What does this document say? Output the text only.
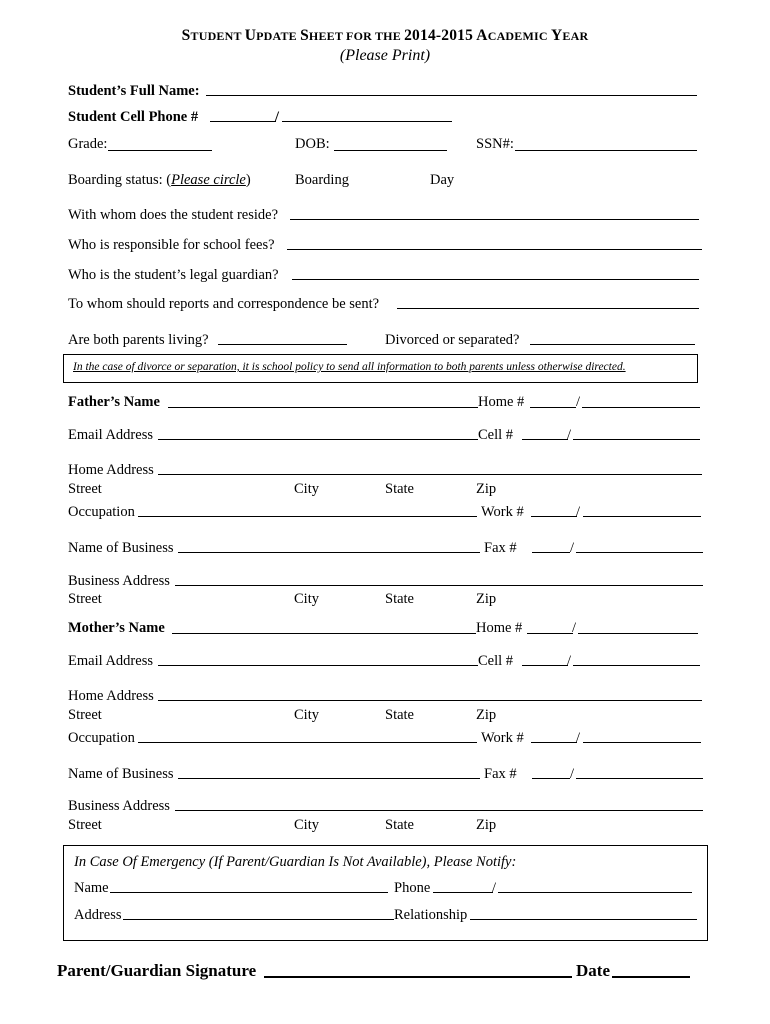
STUDENT UPDATE SHEET FOR THE 2014-2015 ACADEMIC YEAR
(Please Print)
Student’s Full Name:
Student Cell Phone #	/
Grade:	DOB:	SSN#:
Boarding status: (Please circle)	Boarding	Day
With whom does the student reside?
Who is responsible for school fees?
Who is the student’s legal guardian?
To whom should reports and correspondence be sent?
Are both parents living?	Divorced or separated?
In the case of divorce or separation, it is school policy to send all information to both parents unless otherwise directed.
Father’s Name	Home #	/
Email Address	Cell #	/
Home Address
Street	City	State	Zip
Occupation	Work #	/
Name of Business	Fax #	/
Business Address
Street	City	State	Zip
Mother’s Name	Home #	/
Email Address	Cell #	/
Home Address
Street	City	State	Zip
Occupation	Work #	/
Name of Business	Fax #	/
Business Address
Street	City	State	Zip
In Case Of Emergency (If Parent/Guardian Is Not Available), Please Notify:
Name	Phone	/
Address	Relationship
Parent/Guardian Signature	Date
